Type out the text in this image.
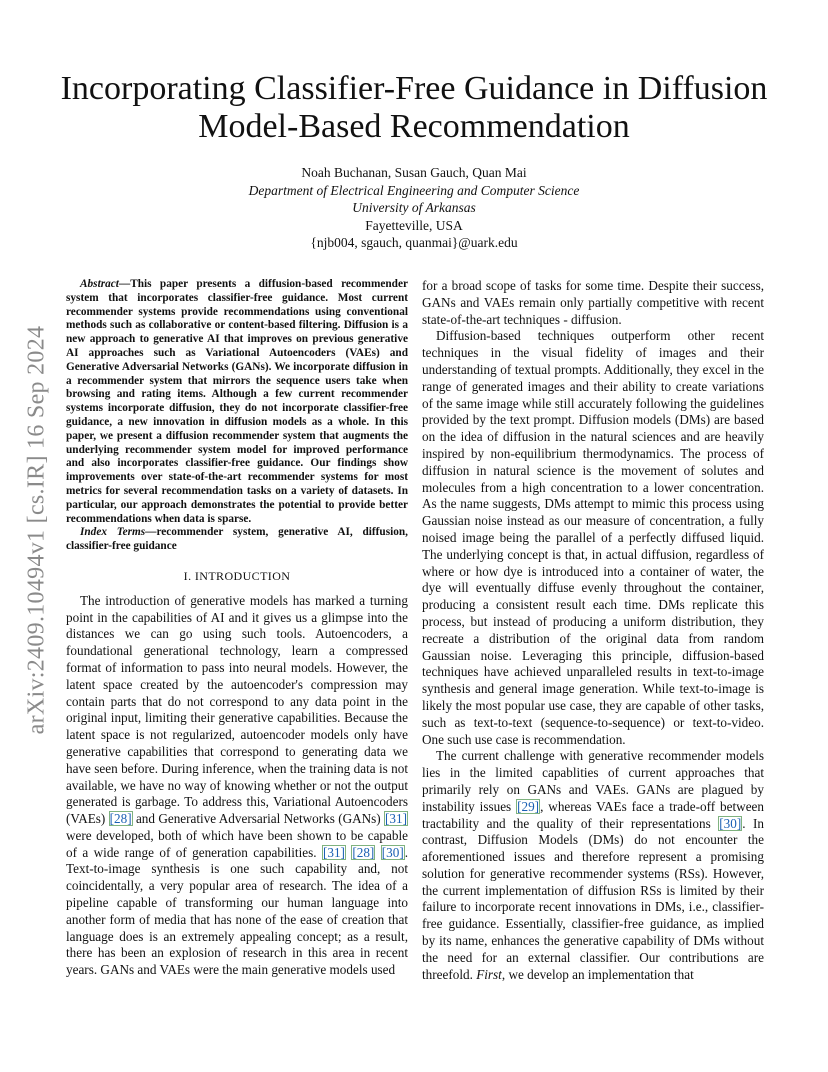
arXiv:2409.10494v1 [cs.IR] 16 Sep 2024
Incorporating Classifier-Free Guidance in Diffusion
Model-Based Recommendation
Noah Buchanan, Susan Gauch, Quan Mai
Department of Electrical Engineering and Computer Science
University of Arkansas
Fayetteville, USA
{njb004, sgauch, quanmai}@uark.edu

Abstract—This paper presents a diffusion-based recommender system that incorporates classifier-free guidance. Most current recommender systems provide recommendations using conventional methods such as collaborative or content-based filtering. Diffusion is a new approach to generative AI that improves on previous generative AI approaches such as Variational Autoencoders (VAEs) and Generative Adversarial Networks (GANs). We incorporate diffusion in a recommender system that mirrors the sequence users take when browsing and rating items. Although a few current recommender systems incorporate diffusion, they do not incorporate classifier-free guidance, a new innovation in diffusion models as a whole. In this paper, we present a diffusion recommender system that augments the underlying recommender system model for improved performance and also incorporates classifier-free guidance. Our findings show improvements over state-of-the-art recommender systems for most metrics for several recommendation tasks on a variety of datasets. In particular, our approach demonstrates the potential to provide better recommendations when data is sparse.

Index Terms—recommender system, generative AI, diffusion, classifier-free guidance

I. INTRODUCTION

The introduction of generative models has marked a turning point in the capabilities of AI and it gives us a glimpse into the distances we can go using such tools. Autoencoders, a foundational generational technology, learn a compressed format of information to pass into neural models. However, the latent space created by the autoencoder's compression may contain parts that do not correspond to any data point in the original input, limiting their generative capabilities. Because the latent space is not regularized, autoencoder models only have generative capabilities that correspond to generating data we have seen before. During inference, when the training data is not available, we have no way of knowing whether or not the output generated is garbage. To address this, Variational Autoencoders (VAEs) [28] and Generative Adversarial Networks (GANs) [31] were developed, both of which have been shown to be capable of a wide range of of generation capabilities. [31] [28] [30]. Text-to-image synthesis is one such capability and, not coincidentally, a very popular area of research. The idea of a pipeline capable of transforming our human language into another form of media that has none of the ease of creation that language does is an extremely appealing concept; as a result, there has been an explosion of research in this area in recent years. GANs and VAEs were the main generative models used

for a broad scope of tasks for some time. Despite their success, GANs and VAEs remain only partially competitive with recent state-of-the-art techniques - diffusion.

Diffusion-based techniques outperform other recent techniques in the visual fidelity of images and their understanding of textual prompts. Additionally, they excel in the range of generated images and their ability to create variations of the same image while still accurately following the guidelines provided by the text prompt. Diffusion models (DMs) are based on the idea of diffusion in the natural sciences and are heavily inspired by non-equilibrium thermodynamics. The process of diffusion in natural science is the movement of solutes and molecules from a high concentration to a lower concentration. As the name suggests, DMs attempt to mimic this process using Gaussian noise instead as our measure of concentration, a fully noised image being the parallel of a perfectly diffused liquid. The underlying concept is that, in actual diffusion, regardless of where or how dye is introduced into a container of water, the dye will eventually diffuse evenly throughout the container, producing a consistent result each time. DMs replicate this process, but instead of producing a uniform distribution, they recreate a distribution of the original data from random Gaussian noise. Leveraging this principle, diffusion-based techniques have achieved unparalleled results in text-to-image synthesis and general image generation. While text-to-image is likely the most popular use case, they are capable of other tasks, such as text-to-text (sequence-to-sequence) or text-to-video. One such use case is recommendation.

The current challenge with generative recommender models lies in the limited capablities of current approaches that primarily rely on GANs and VAEs. GANs are plagued by instability issues [29], whereas VAEs face a trade-off between tractability and the quality of their representations [30]. In contrast, Diffusion Models (DMs) do not encounter the aforementioned issues and therefore represent a promising solution for generative recommender systems (RSs). However, the current implementation of diffusion RSs is limited by their failure to incorporate recent innovations in DMs, i.e., classifier-free guidance. Essentially, classifier-free guidance, as implied by its name, enhances the generative capability of DMs without the need for an external classifier. Our contributions are threefold. First, we develop an implementation that
